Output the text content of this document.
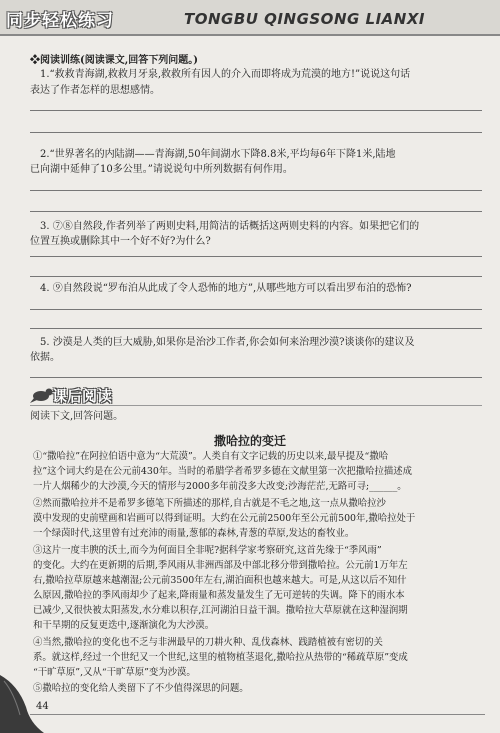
同步轻松练习	TONGBU QINGSONG LIANXI
❖阅读训练(阅读课文,回答下列问题。)
1.“救救青海湖,救救月牙泉,救救所有因人的介入而即将成为荒漠的地方!”说说这句话
表达了作者怎样的思想感情。
2.“世界著名的内陆湖——青海湖,50年间湖水下降8.8米,平均每6年下降1米,陆地
已向湖中延伸了10多公里。”请说说句中所列数据有何作用。
3. ⑦⑧自然段,作者列举了两则史料,用简洁的话概括这两则史料的内容。如果把它们的
位置互换或删除其中一个好不好?为什么?
4. ⑨自然段说“罗布泊从此成了令人恐怖的地方”,从哪些地方可以看出罗布泊的恐怖?
5. 沙漠是人类的巨大威胁,如果你是治沙工作者,你会如何来治理沙漠?谈谈你的建议及
依据。
课后阅读
阅读下文,回答问题。
撒哈拉的变迁
①“撒哈拉”在阿拉伯语中意为“大荒漠”。人类自有文字记载的历史以来,最早提及“撒哈
拉”这个词大约是在公元前430年。当时的希腊学者希罗多德在文献里第一次把撒哈拉描述成
一片人烟稀少的大沙漠,今天的情形与2000多年前没多大改变;沙海茫茫,无路可寻;______。
②然而撒哈拉并不是希罗多德笔下所描述的那样,自古就是不毛之地,这一点从撒哈拉沙
漠中发现的史前壁画和岩画可以得到证明。大约在公元前2500年至公元前500年,撒哈拉处于
一个绿茵时代,这里曾有过充沛的雨量,葱郁的森林,青葱的草原,发达的畜牧业。
③这片一度丰腴的沃土,而今为何面目全非呢?据科学家考察研究,这首先缘于“季风雨”
的变化。大约在更新期的后期,季风雨从非洲西部及中部北移分带到撒哈拉。公元前1万年左
右,撒哈拉草原越来越潮湿;公元前3500年左右,湖泊面积也越来越大。可是,从这以后不知什
么原因,撒哈拉的季风雨却少了起来,降雨量和蒸发量发生了无可逆转的失调。降下的雨水本
已减少,又很快被太阳蒸发,水分难以积存,江河湖泊日益干涸。撒哈拉大草原就在这种湿润期
和干旱期的反复更迭中,逐渐演化为大沙漠。
④当然,撒哈拉的变化也不乏与非洲最早的刀耕火种、乱伐森林、践踏植被有密切的关
系。就这样,经过一个世纪又一个世纪,这里的植物植茎退化,撒哈拉从热带的“稀疏草原”变成
“干旷草原”,又从“干旷草原”变为沙漠。
⑤撒哈拉的变化给人类留下了不少值得深思的问题。
44
